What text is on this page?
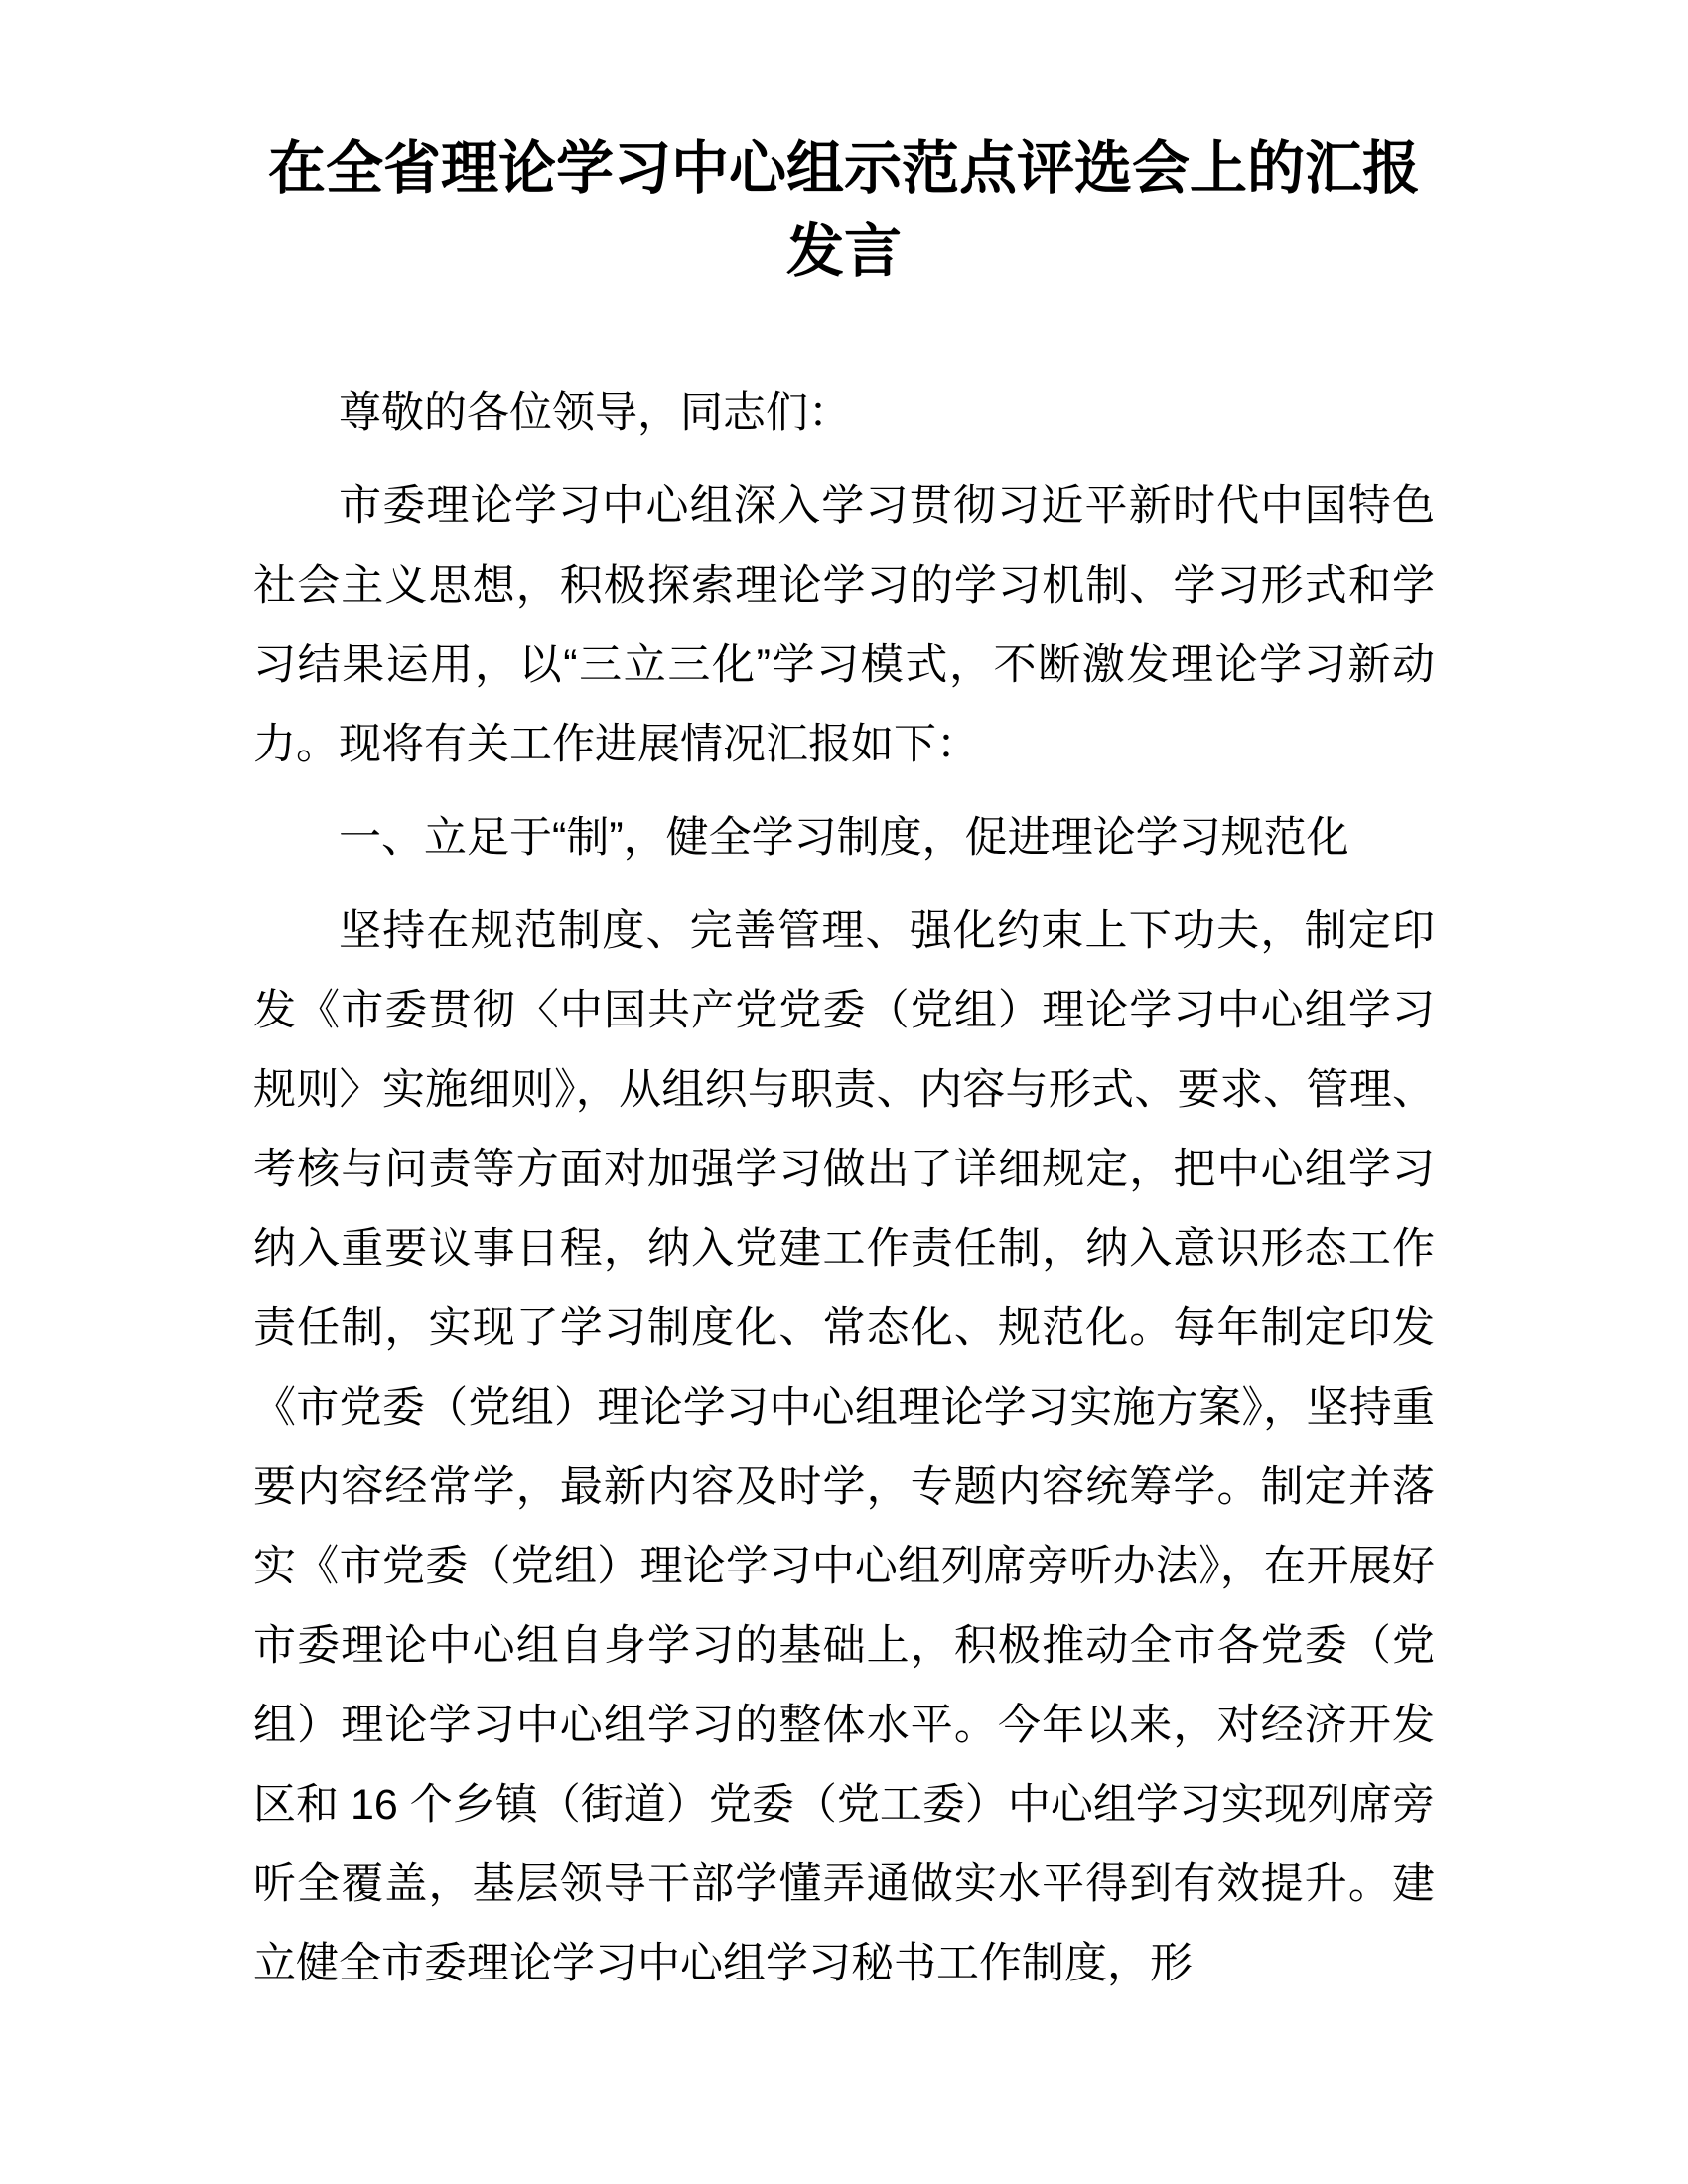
在全省理论学习中心组示范点评选会上的汇报发言

尊敬的各位领导，同志们：

市委理论学习中心组深入学习贯彻习近平新时代中国特色社会主义思想，积极探索理论学习的学习机制、学习形式和学习结果运用，以“三立三化”学习模式，不断激发理论学习新动力。现将有关工作进展情况汇报如下：

一、立足于“制”，健全学习制度，促进理论学习规范化

坚持在规范制度、完善管理、强化约束上下功夫，制定印发《市委贯彻〈中国共产党党委（党组）理论学习中心组学习规则〉实施细则》，从组织与职责、内容与形式、要求、管理、考核与问责等方面对加强学习做出了详细规定，把中心组学习纳入重要议事日程，纳入党建工作责任制，纳入意识形态工作责任制，实现了学习制度化、常态化、规范化。每年制定印发《市党委（党组）理论学习中心组理论学习实施方案》，坚持重要内容经常学，最新内容及时学，专题内容统筹学。制定并落实《市党委（党组）理论学习中心组列席旁听办法》，在开展好市委理论中心组自身学习的基础上，积极推动全市各党委（党组）理论学习中心组学习的整体水平。今年以来，对经济开发区和 16 个乡镇（街道）党委（党工委）中心组学习实现列席旁听全覆盖，基层领导干部学懂弄通做实水平得到有效提升。建立健全市委理论学习中心组学习秘书工作制度，形
